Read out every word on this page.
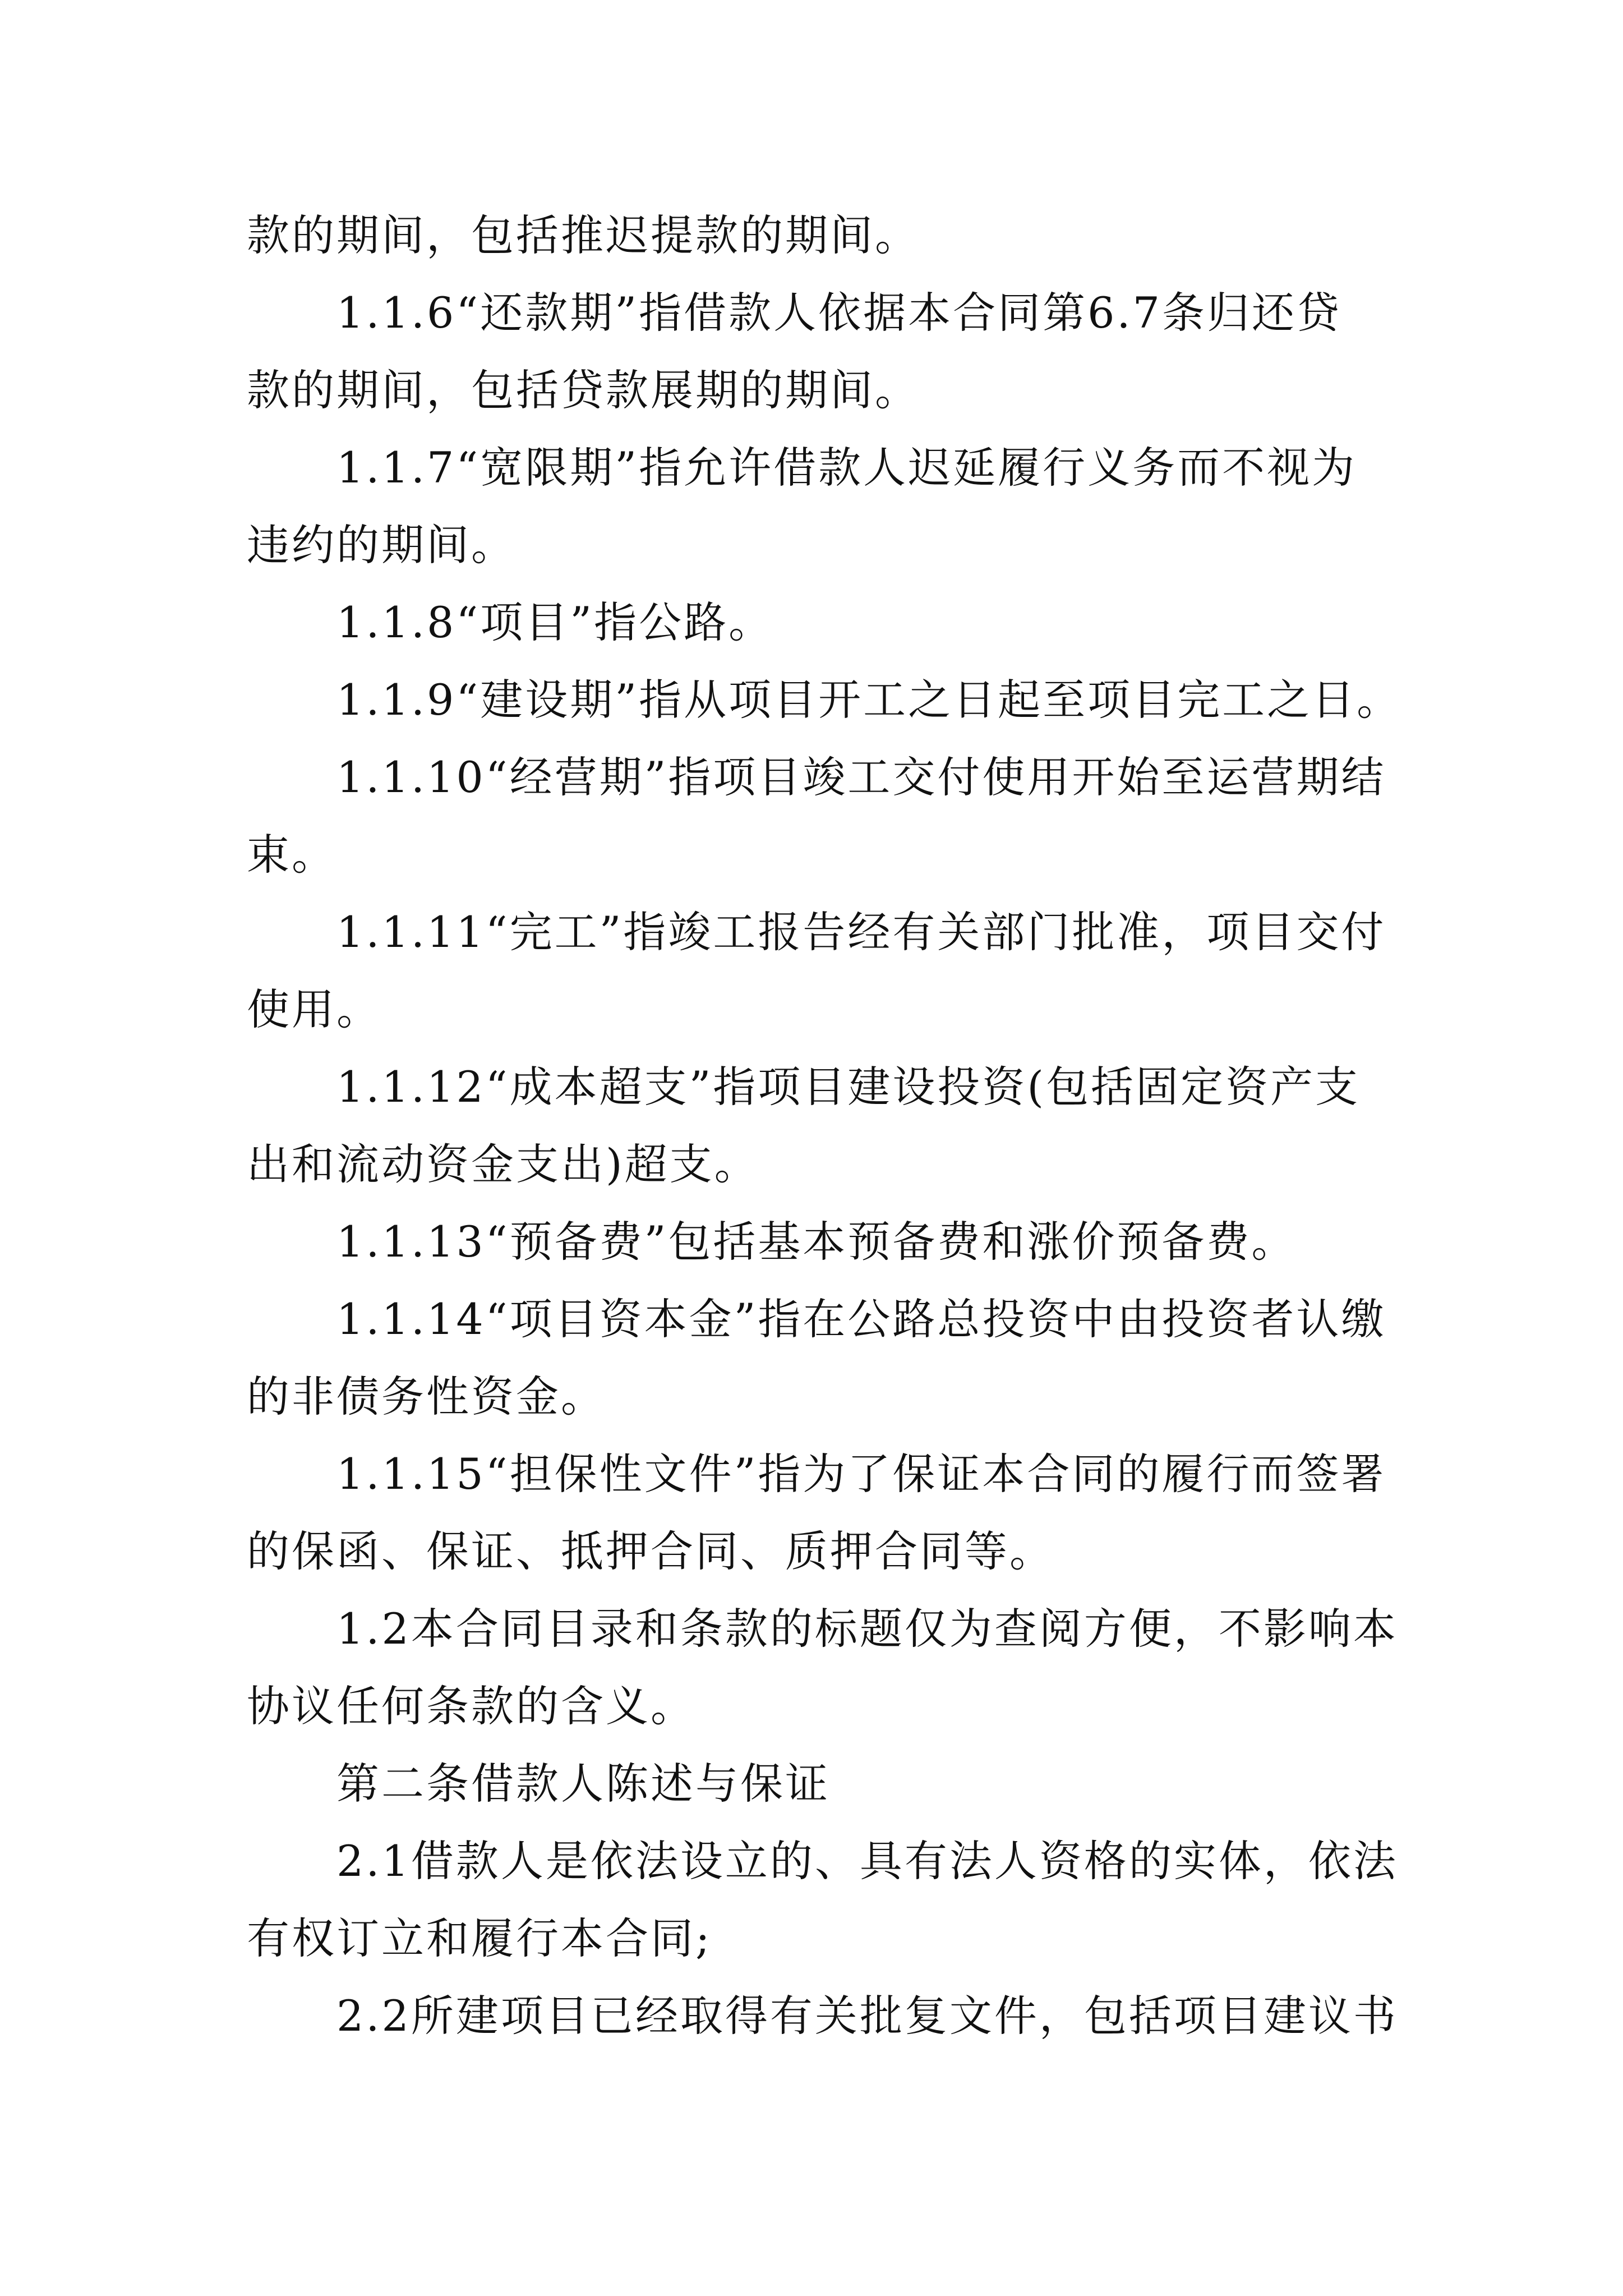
款的期间，包括推迟提款的期间。
1.1.6“还款期”指借款人依据本合同第6.7条归还贷
款的期间，包括贷款展期的期间。
1.1.7“宽限期”指允许借款人迟延履行义务而不视为
违约的期间。
1.1.8“项目”指公路。
1.1.9“建设期”指从项目开工之日起至项目完工之日。
1.1.10“经营期”指项目竣工交付使用开始至运营期结
束。
1.1.11“完工”指竣工报告经有关部门批准，项目交付
使用。
1.1.12“成本超支”指项目建设投资(包括固定资产支
出和流动资金支出)超支。
1.1.13“预备费”包括基本预备费和涨价预备费。
1.1.14“项目资本金”指在公路总投资中由投资者认缴
的非债务性资金。
1.1.15“担保性文件”指为了保证本合同的履行而签署
的保函、保证、抵押合同、质押合同等。
1.2本合同目录和条款的标题仅为查阅方便，不影响本
协议任何条款的含义。
第二条借款人陈述与保证
2.1借款人是依法设立的、具有法人资格的实体，依法
有权订立和履行本合同;
2.2所建项目已经取得有关批复文件，包括项目建议书
